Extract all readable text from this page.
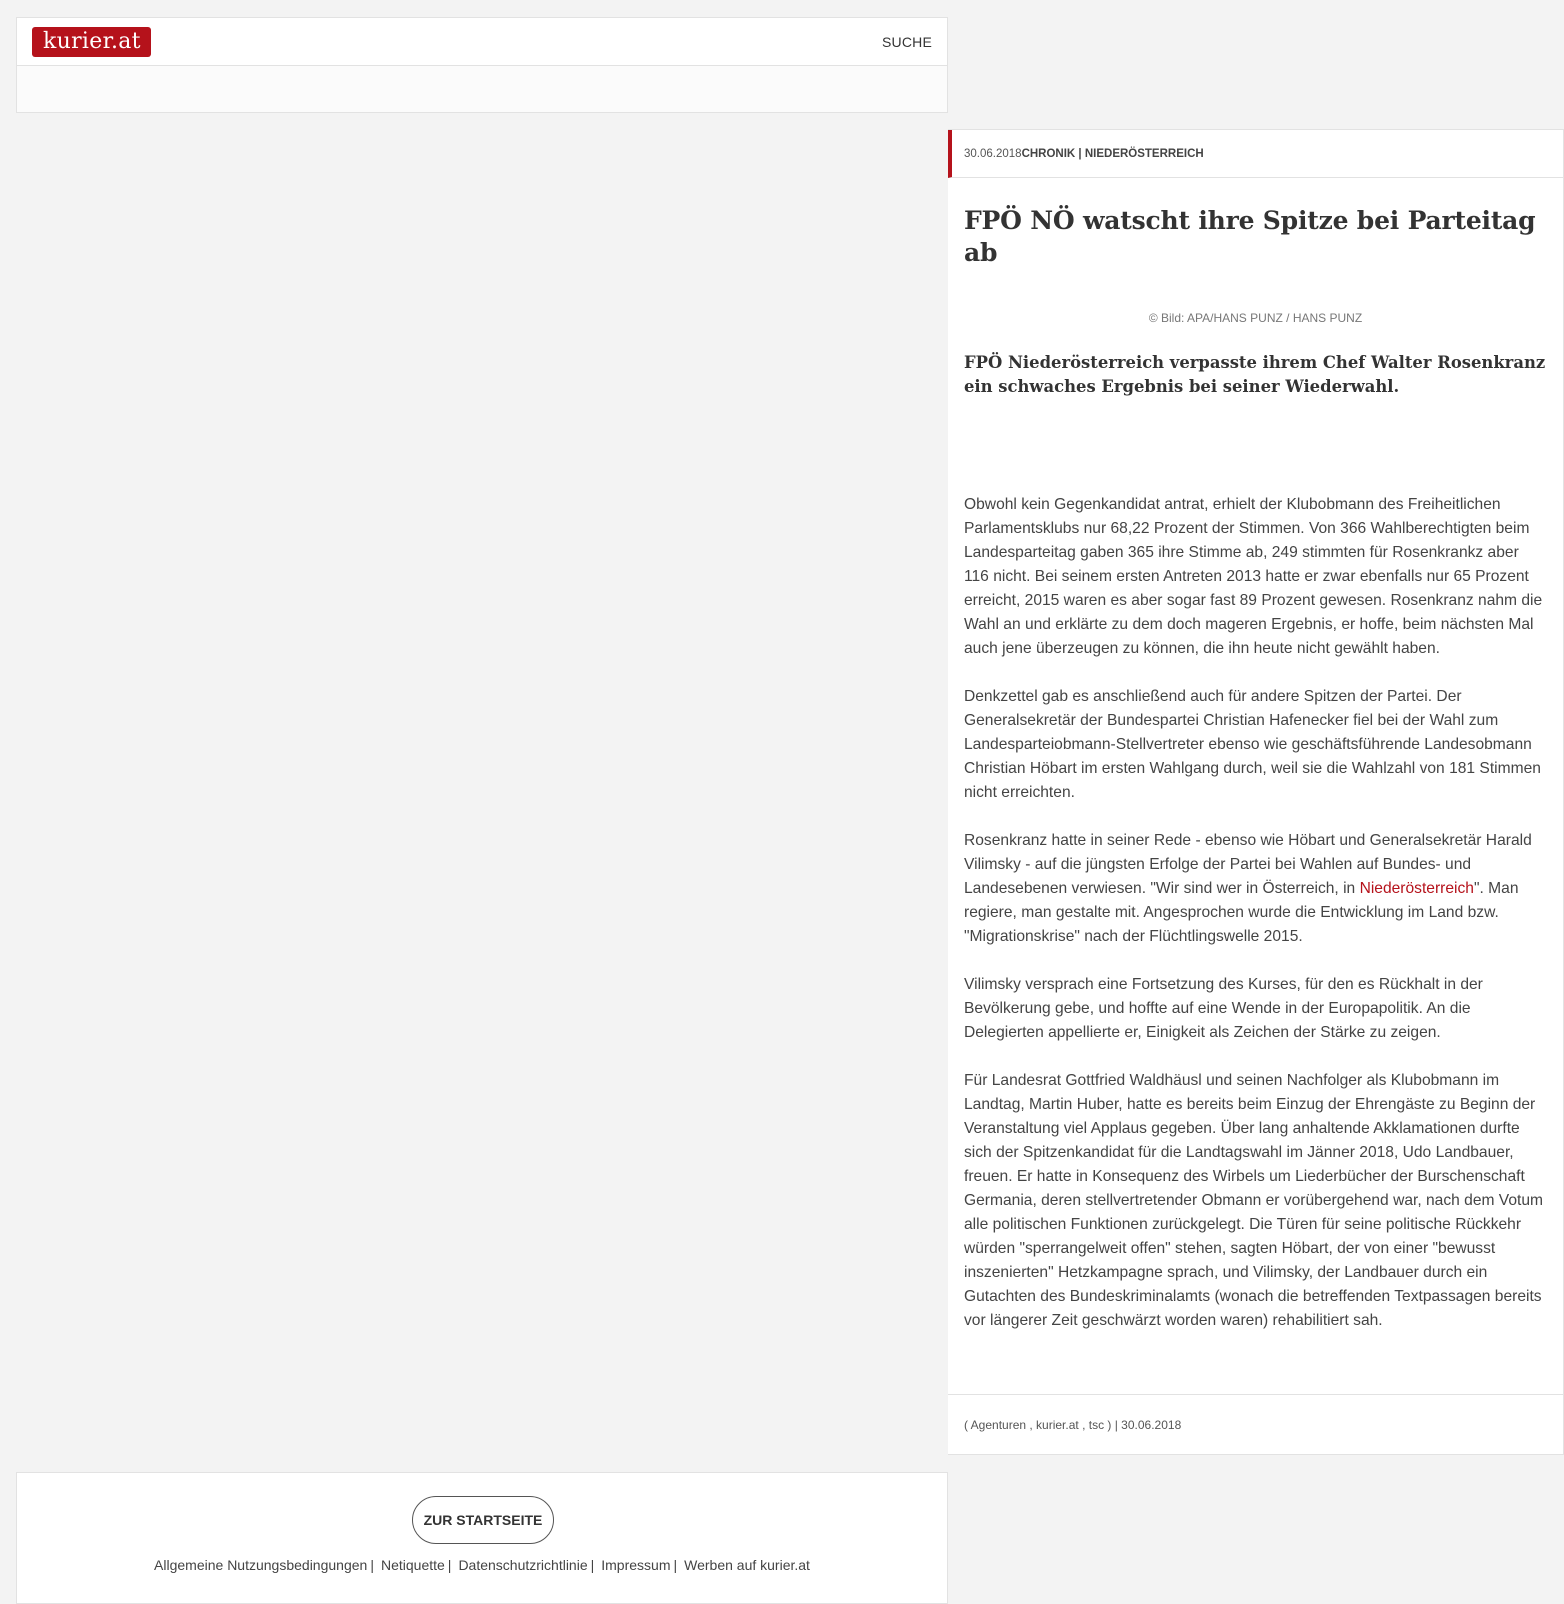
kurier.at	SUCHE
30.06.2018 CHRONIK | NIEDERÖSTERREICH
FPÖ NÖ watscht ihre Spitze bei Parteitag ab
© Bild: APA/HANS PUNZ / HANS PUNZ
FPÖ Niederösterreich verpasste ihrem Chef Walter Rosenkranz ein schwaches Ergebnis bei seiner Wiederwahl.

Obwohl kein Gegenkandidat antrat, erhielt der Klubobmann des Freiheitlichen Parlamentsklubs nur 68,22 Prozent der Stimmen. Von 366 Wahlberechtigten beim Landesparteitag gaben 365 ihre Stimme ab, 249 stimmten für Rosenkrankz aber 116 nicht. Bei seinem ersten Antreten 2013 hatte er zwar ebenfalls nur 65 Prozent erreicht, 2015 waren es aber sogar fast 89 Prozent gewesen. Rosenkranz nahm die Wahl an und erklärte zu dem doch mageren Ergebnis, er hoffe, beim nächsten Mal auch jene überzeugen zu können, die ihn heute nicht gewählt haben.

Denkzettel gab es anschließend auch für andere Spitzen der Partei. Der Generalsekretär der Bundespartei Christian Hafenecker fiel bei der Wahl zum Landesparteiobmann-Stellvertreter ebenso wie geschäftsführende Landesobmann Christian Höbart im ersten Wahlgang durch, weil sie die Wahlzahl von 181 Stimmen nicht erreichten.

Rosenkranz hatte in seiner Rede - ebenso wie Höbart und Generalsekretär Harald Vilimsky - auf die jüngsten Erfolge der Partei bei Wahlen auf Bundes- und Landesebenen verwiesen. "Wir sind wer in Österreich, in Niederösterreich". Man regiere, man gestalte mit. Angesprochen wurde die Entwicklung im Land bzw. "Migrationskrise" nach der Flüchtlingswelle 2015.

Vilimsky versprach eine Fortsetzung des Kurses, für den es Rückhalt in der Bevölkerung gebe, und hoffte auf eine Wende in der Europapolitik. An die Delegierten appellierte er, Einigkeit als Zeichen der Stärke zu zeigen.

Für Landesrat Gottfried Waldhäusl und seinen Nachfolger als Klubobmann im Landtag, Martin Huber, hatte es bereits beim Einzug der Ehrengäste zu Beginn der Veranstaltung viel Applaus gegeben. Über lang anhaltende Akklamationen durfte sich der Spitzenkandidat für die Landtagswahl im Jänner 2018, Udo Landbauer, freuen. Er hatte in Konsequenz des Wirbels um Liederbücher der Burschenschaft Germania, deren stellvertretender Obmann er vorübergehend war, nach dem Votum alle politischen Funktionen zurückgelegt. Die Türen für seine politische Rückkehr würden "sperrangelweit offen" stehen, sagten Höbart, der von einer "bewusst inszenierten" Hetzkampagne sprach, und Vilimsky, der Landbauer durch ein Gutachten des Bundeskriminalamts (wonach die betreffenden Textpassagen bereits vor längerer Zeit geschwärzt worden waren) rehabilitiert sah.

( Agenturen , kurier.at , tsc ) | 30.06.2018
ZUR STARTSEITE
Allgemeine Nutzungsbedingungen | Netiquette | Datenschutzrichtlinie | Impressum | Werben auf kurier.at
